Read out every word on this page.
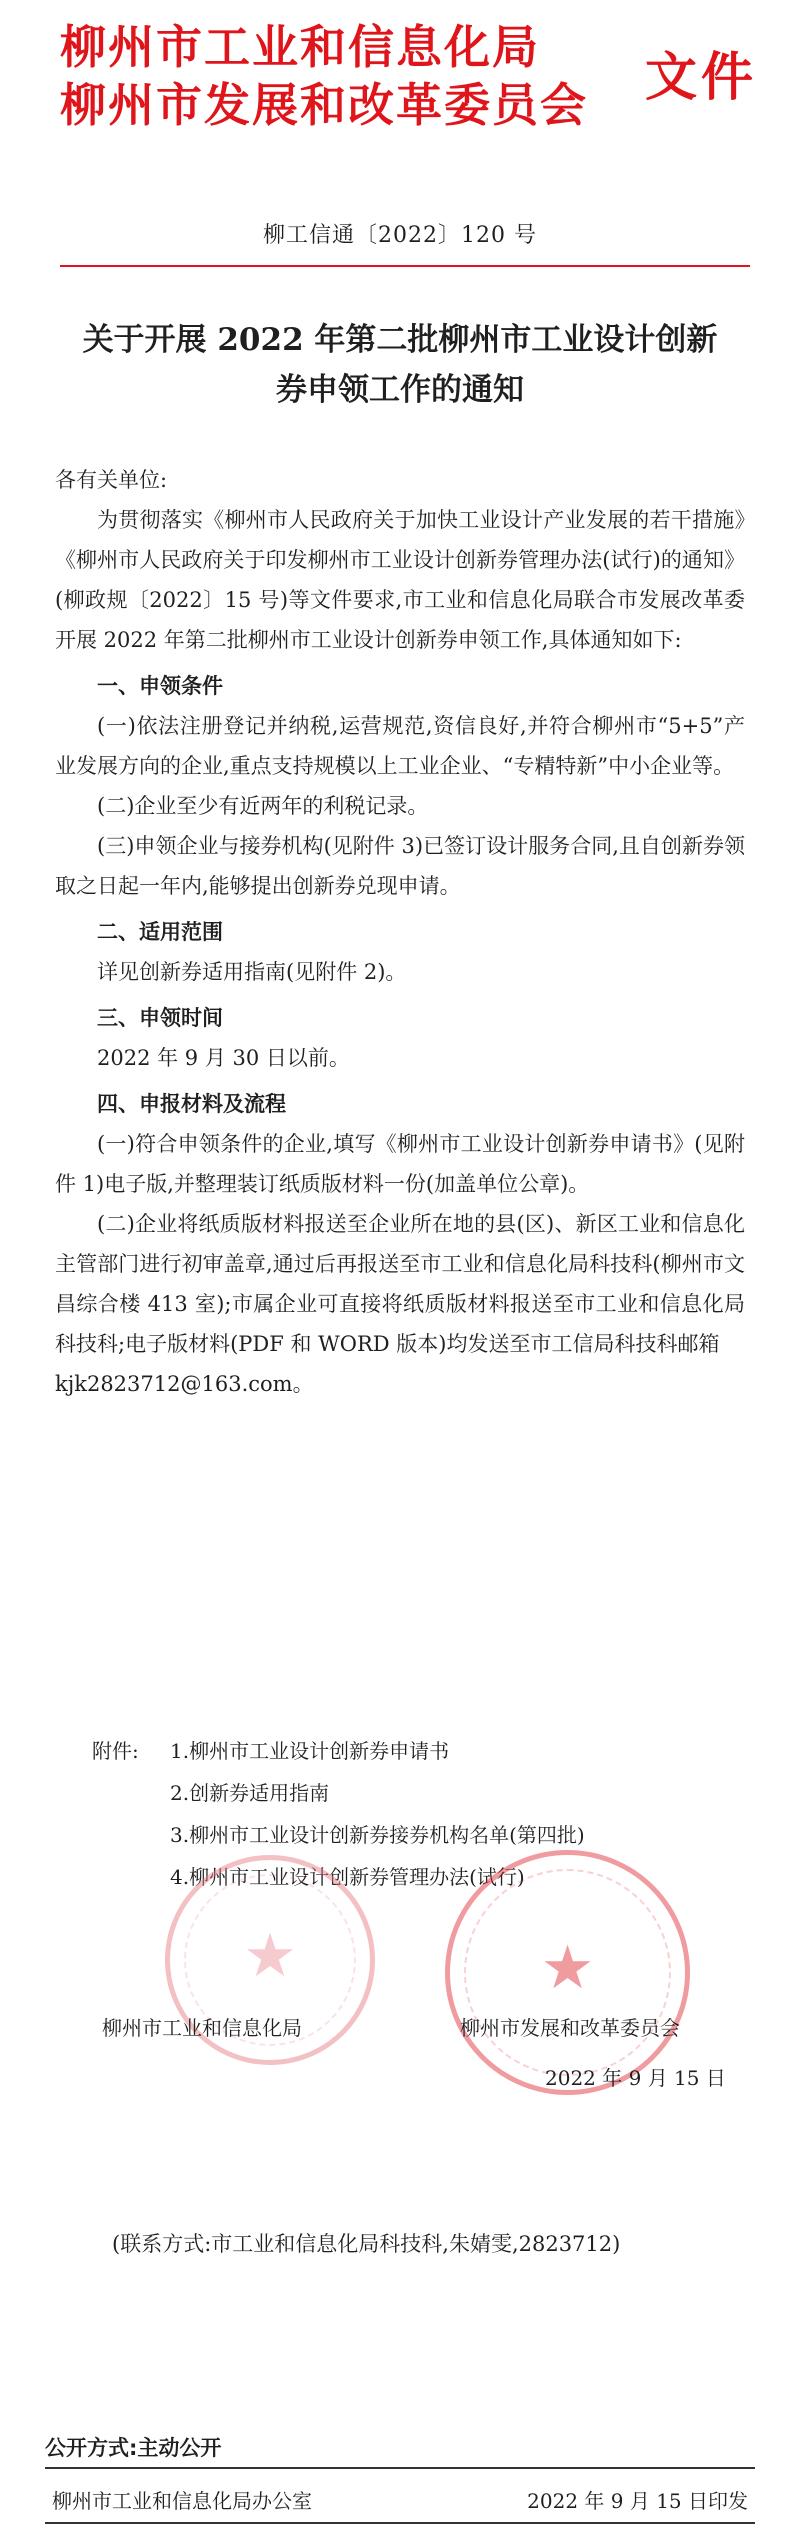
柳州市工业和信息化局
柳州市发展和改革委员会 文件
柳工信通〔2022〕120 号
关于开展 2022 年第二批柳州市工业设计创新券申领工作的通知

各有关单位:

为贯彻落实《柳州市人民政府关于加快工业设计产业发展的若干措施》《柳州市人民政府关于印发柳州市工业设计创新券管理办法(试行)的通知》(柳政规〔2022〕15 号)等文件要求,市工业和信息化局联合市发展改革委开展 2022 年第二批柳州市工业设计创新券申领工作,具体通知如下:

一、申领条件

(一)依法注册登记并纳税,运营规范,资信良好,并符合柳州市“5+5”产业发展方向的企业,重点支持规模以上工业企业、“专精特新”中小企业等。

(二)企业至少有近两年的利税记录。

(三)申领企业与接券机构(见附件 3)已签订设计服务合同,且自创新券领取之日起一年内,能够提出创新券兑现申请。

二、适用范围

详见创新券适用指南(见附件 2)。

三、申领时间

2022 年 9 月 30 日以前。

四、申报材料及流程

(一)符合申领条件的企业,填写《柳州市工业设计创新券申请书》(见附件 1)电子版,并整理装订纸质版材料一份(加盖单位公章)。

(二)企业将纸质版材料报送至企业所在地的县(区)、新区工业和信息化主管部门进行初审盖章,通过后再报送至市工业和信息化局科技科(柳州市文昌综合楼 413 室);市属企业可直接将纸质版材料报送至市工业和信息化局科技科;电子版材料(PDF 和 WORD 版本)均发送至市工信局科技科邮箱

kjk2823712@163.com。

附件: 1.柳州市工业设计创新券申请书
2.创新券适用指南
3.柳州市工业设计创新券接券机构名单(第四批)
4.柳州市工业设计创新券管理办法(试行)
★	★
柳州市工业和信息化局	柳州市发展和改革委员会
2022 年 9 月 15 日
(联系方式:市工业和信息化局科技科,朱婧雯,2823712)
公开方式:主动公开
柳州市工业和信息化局办公室	2022 年 9 月 15 日印发
